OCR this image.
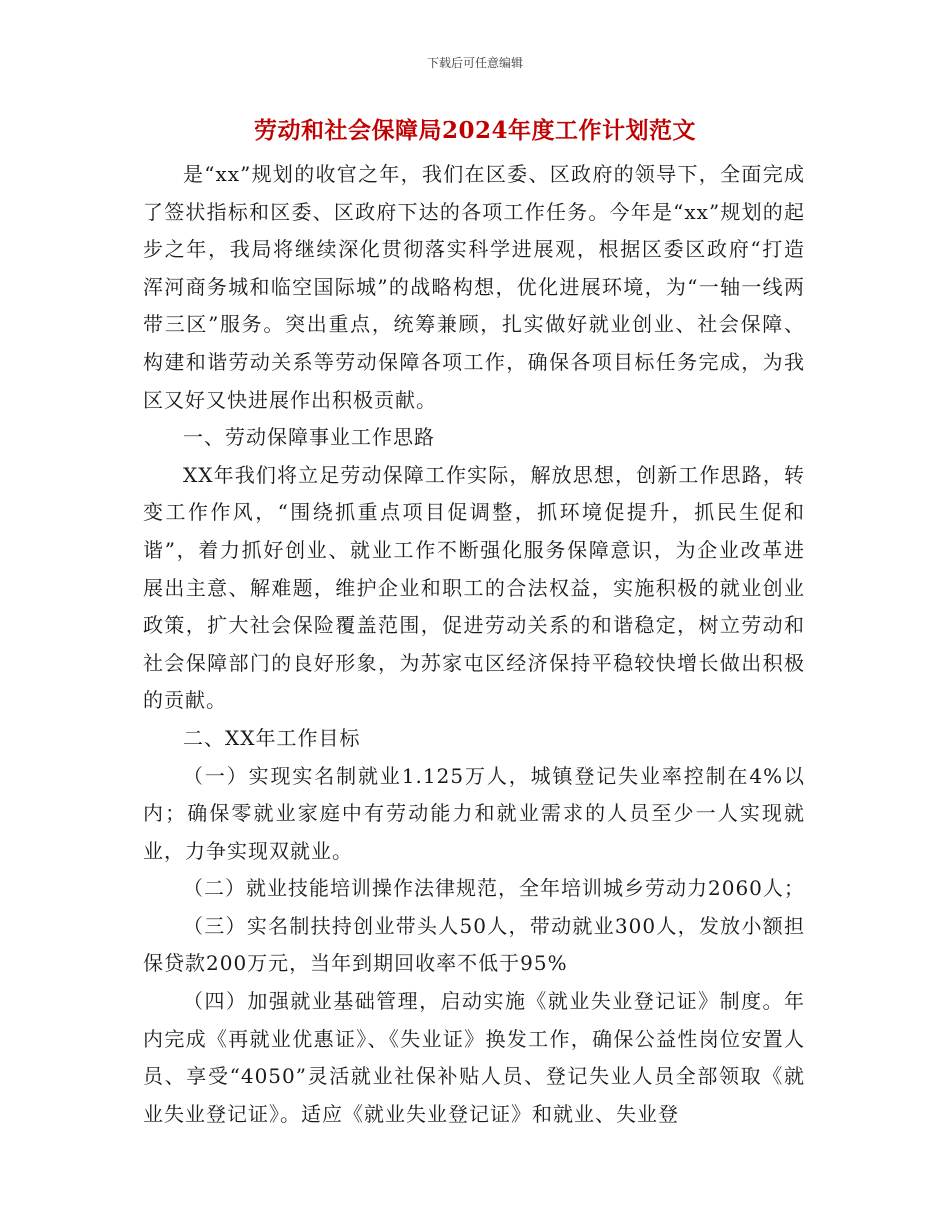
下载后可任意编辑
劳动和社会保障局2024年度工作计划范文

是“xx”规划的收官之年，我们在区委、区政府的领导下，全面完成了签状指标和区委、区政府下达的各项工作任务。今年是“xx”规划的起步之年，我局将继续深化贯彻落实科学进展观，根据区委区政府“打造浑河商务城和临空国际城”的战略构想，优化进展环境，为“一轴一线两带三区”服务。突出重点，统筹兼顾，扎实做好就业创业、社会保障、构建和谐劳动关系等劳动保障各项工作，确保各项目标任务完成，为我区又好又快进展作出积极贡献。

一、劳动保障事业工作思路

XX年我们将立足劳动保障工作实际，解放思想，创新工作思路，转变工作作风，“围绕抓重点项目促调整，抓环境促提升，抓民生促和谐”，着力抓好创业、就业工作不断强化服务保障意识，为企业改革进展出主意、解难题，维护企业和职工的合法权益，实施积极的就业创业政策，扩大社会保险覆盖范围，促进劳动关系的和谐稳定，树立劳动和社会保障部门的良好形象，为苏家屯区经济保持平稳较快增长做出积极的贡献。

二、XX年工作目标

（一）实现实名制就业1.125万人，城镇登记失业率控制在4%以内；确保零就业家庭中有劳动能力和就业需求的人员至少一人实现就业，力争实现双就业。

（二）就业技能培训操作法律规范，全年培训城乡劳动力2060人；

（三）实名制扶持创业带头人50人，带动就业300人，发放小额担保贷款200万元，当年到期回收率不低于95%

（四）加强就业基础管理，启动实施《就业失业登记证》制度。年内完成《再就业优惠证》、《失业证》换发工作，确保公益性岗位安置人员、享受“4050”灵活就业社保补贴人员、登记失业人员全部领取《就业失业登记证》。适应《就业失业登记证》和就业、失业登
